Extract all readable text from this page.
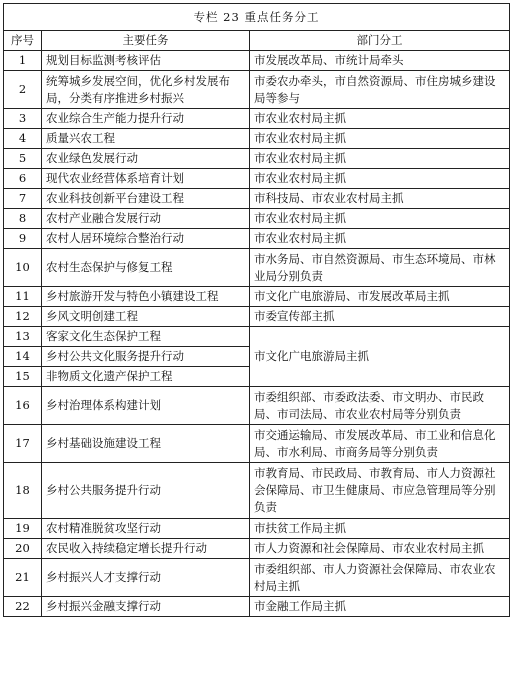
专栏 23 重点任务分工		
序号	主要任务	部门分工
1	规划目标监测考核评估	市发展改革局、市统计局牵头
2	统筹城乡发展空间，优化乡村发展布局，分类有序推进乡村振兴	市委农办牵头，市自然资源局、市住房城乡建设局等参与
3	农业综合生产能力提升行动	市农业农村局主抓
4	质量兴农工程	市农业农村局主抓
5	农业绿色发展行动	市农业农村局主抓
6	现代农业经营体系培育计划	市农业农村局主抓
7	农业科技创新平台建设工程	市科技局、市农业农村局主抓
8	农村产业融合发展行动	市农业农村局主抓
9	农村人居环境综合整治行动	市农业农村局主抓
10	农村生态保护与修复工程	市水务局、市自然资源局、市生态环境局、市林业局分别负责
11	乡村旅游开发与特色小镇建设工程	市文化广电旅游局、市发展改革局主抓
12	乡风文明创建工程	市委宣传部主抓
13	客家文化生态保护工程	市文化广电旅游局主抓
14	乡村公共文化服务提升行动	
15	非物质文化遗产保护工程	
16	乡村治理体系构建计划	市委组织部、市委政法委、市文明办、市民政局、市司法局、市农业农村局等分别负责
17	乡村基础设施建设工程	市交通运输局、市发展改革局、市工业和信息化局、市水利局、市商务局等分别负责
18	乡村公共服务提升行动	市教育局、市民政局、市教育局、市人力资源社会保障局、市卫生健康局、市应急管理局等分别负责
19	农村精准脱贫攻坚行动	市扶贫工作局主抓
20	农民收入持续稳定增长提升行动	市人力资源和社会保障局、市农业农村局主抓
21	乡村振兴人才支撑行动	市委组织部、市人力资源社会保障局、市农业农村局主抓
22	乡村振兴金融支撑行动	市金融工作局主抓
